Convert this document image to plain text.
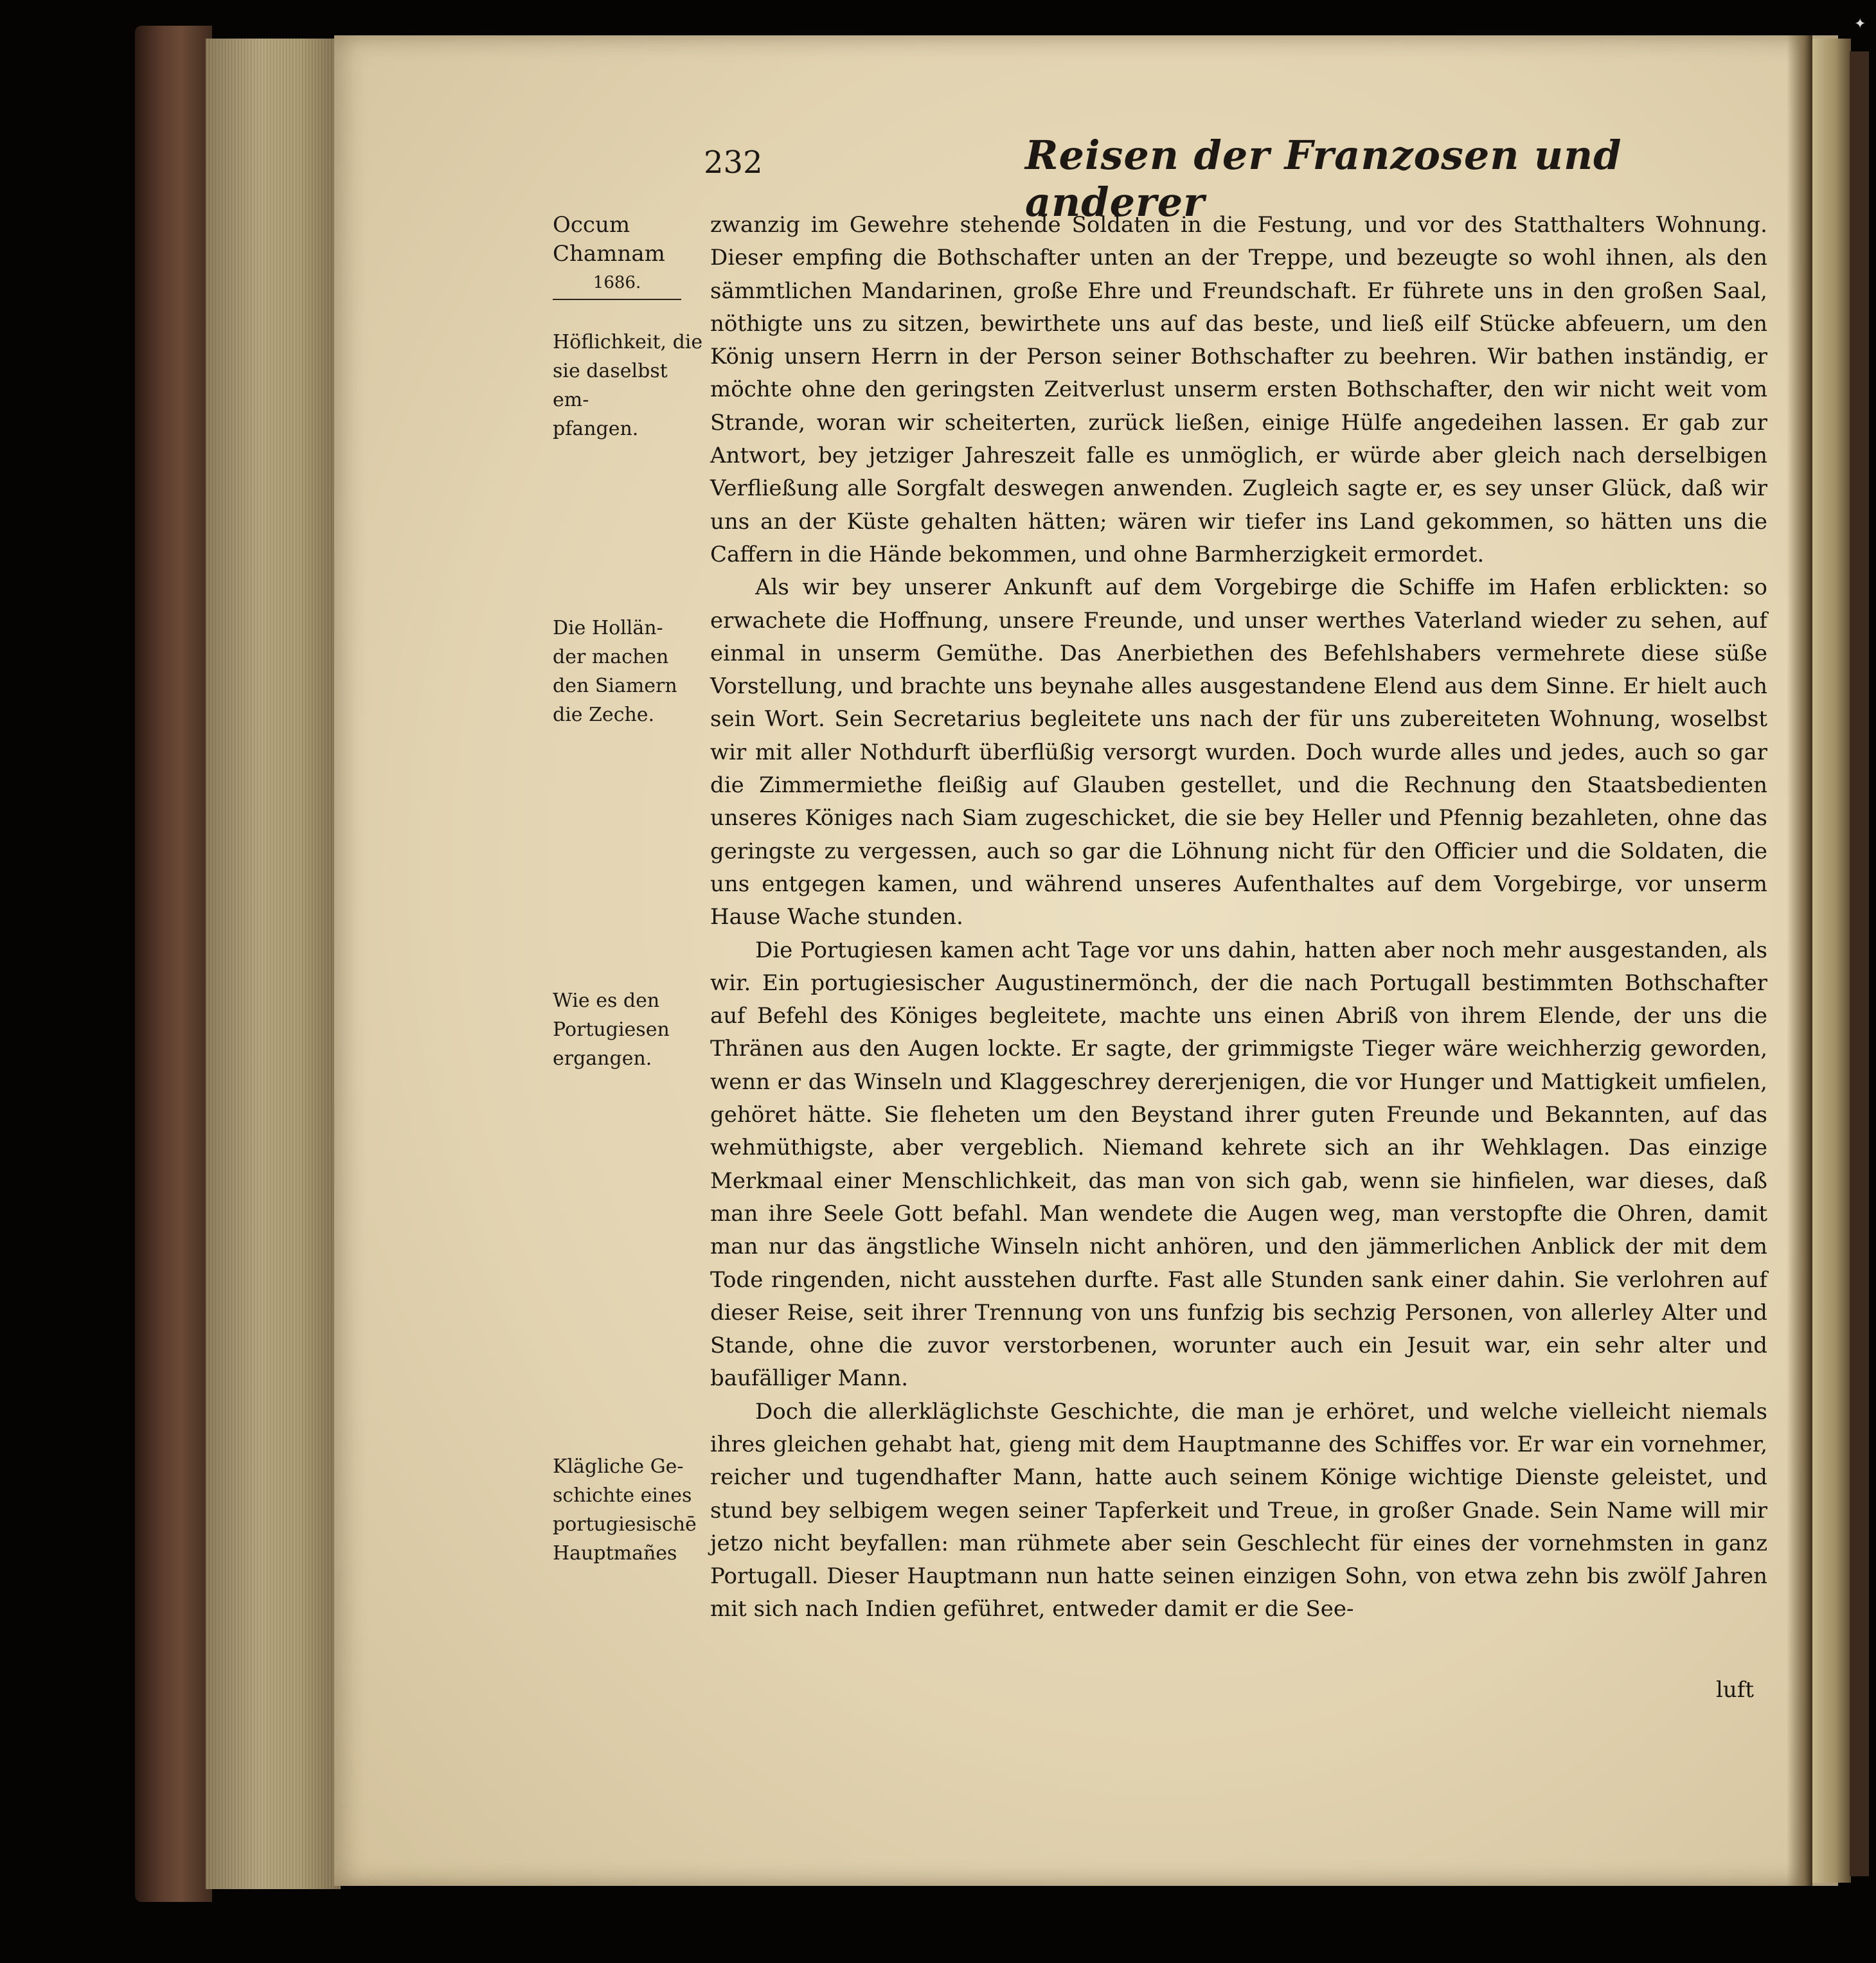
✦
232	Reisen der Franzosen und anderer
Occum
Chamnam
1686.
Höflichkeit, die
sie daselbst em-
pfangen.
Die Hollän-
der machen
den Siamern
die Zeche.
Wie es den
Portugiesen
ergangen.
Klägliche Ge-
schichte eines
portugiesischē
Hauptmañes

zwanzig im Gewehre stehende Soldaten in die Festung, und vor des Statthalters Wohnung. Dieser empfing die Bothschafter unten an der Treppe, und bezeugte so wohl ihnen, als den sämmtlichen Mandarinen, große Ehre und Freundschaft. Er führete uns in den großen Saal, nöthigte uns zu sitzen, bewirthete uns auf das beste, und ließ eilf Stücke abfeuern, um den König unsern Herrn in der Person seiner Bothschafter zu beehren. Wir bathen inständig, er möchte ohne den geringsten Zeitverlust unserm ersten Bothschafter, den wir nicht weit vom Strande, woran wir scheiterten, zurück ließen, einige Hülfe angedeihen lassen. Er gab zur Antwort, bey jetziger Jahreszeit falle es unmöglich, er würde aber gleich nach derselbigen Verfließung alle Sorgfalt deswegen anwenden. Zugleich sagte er, es sey unser Glück, daß wir uns an der Küste gehalten hätten; wären wir tiefer ins Land gekommen, so hätten uns die Caffern in die Hände bekommen, und ohne Barmherzigkeit ermordet.

Als wir bey unserer Ankunft auf dem Vorgebirge die Schiffe im Hafen erblickten: so erwachete die Hoffnung, unsere Freunde, und unser werthes Vaterland wieder zu sehen, auf einmal in unserm Gemüthe. Das Anerbiethen des Befehlshabers vermehrete diese süße Vorstellung, und brachte uns beynahe alles ausgestandene Elend aus dem Sinne. Er hielt auch sein Wort. Sein Secretarius begleitete uns nach der für uns zubereiteten Wohnung, woselbst wir mit aller Nothdurft überflüßig versorgt wurden. Doch wurde alles und jedes, auch so gar die Zimmermiethe fleißig auf Glauben gestellet, und die Rechnung den Staatsbedienten unseres Königes nach Siam zugeschicket, die sie bey Heller und Pfennig bezahleten, ohne das geringste zu vergessen, auch so gar die Löhnung nicht für den Officier und die Soldaten, die uns entgegen kamen, und während unseres Aufenthaltes auf dem Vorgebirge, vor unserm Hause Wache stunden.

Die Portugiesen kamen acht Tage vor uns dahin, hatten aber noch mehr ausgestanden, als wir. Ein portugiesischer Augustinermönch, der die nach Portugall bestimmten Bothschafter auf Befehl des Königes begleitete, machte uns einen Abriß von ihrem Elende, der uns die Thränen aus den Augen lockte. Er sagte, der grimmigste Tieger wäre weichherzig geworden, wenn er das Winseln und Klaggeschrey dererjenigen, die vor Hunger und Mattigkeit umfielen, gehöret hätte. Sie fleheten um den Beystand ihrer guten Freunde und Bekannten, auf das wehmüthigste, aber vergeblich. Niemand kehrete sich an ihr Wehklagen. Das einzige Merkmaal einer Menschlichkeit, das man von sich gab, wenn sie hinfielen, war dieses, daß man ihre Seele Gott befahl. Man wendete die Augen weg, man verstopfte die Ohren, damit man nur das ängstliche Winseln nicht anhören, und den jämmerlichen Anblick der mit dem Tode ringenden, nicht ausstehen durfte. Fast alle Stunden sank einer dahin. Sie verlohren auf dieser Reise, seit ihrer Trennung von uns funfzig bis sechzig Personen, von allerley Alter und Stande, ohne die zuvor verstorbenen, worunter auch ein Jesuit war, ein sehr alter und baufälliger Mann.

Doch die allerkläglichste Geschichte, die man je erhöret, und welche vielleicht niemals ihres gleichen gehabt hat, gieng mit dem Hauptmanne des Schiffes vor. Er war ein vornehmer, reicher und tugendhafter Mann, hatte auch seinem Könige wichtige Dienste geleistet, und stund bey selbigem wegen seiner Tapferkeit und Treue, in großer Gnade. Sein Name will mir jetzo nicht beyfallen: man rühmete aber sein Geschlecht für eines der vornehmsten in ganz Portugall. Dieser Hauptmann nun hatte seinen einzigen Sohn, von etwa zehn bis zwölf Jahren mit sich nach Indien geführet, entweder damit er die See-

luft
